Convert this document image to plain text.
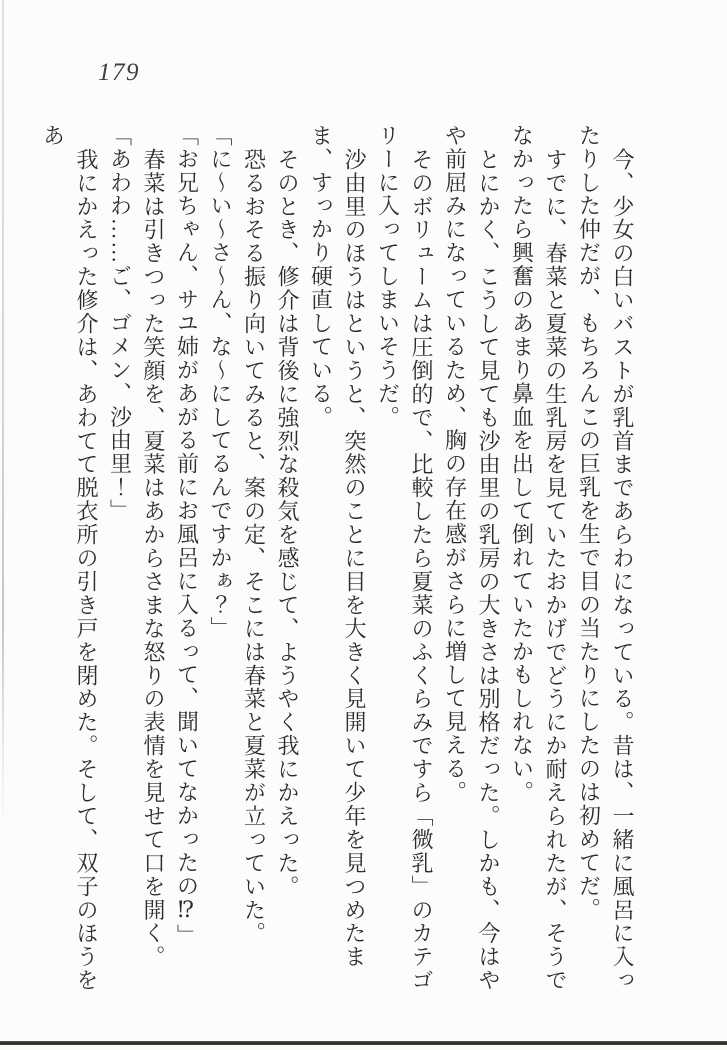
179

今、少女の白いバストが乳首まであらわになっている。昔は、一緒に風呂に入ったりした仲だが、もちろんこの巨乳を生で目の当たりにしたのは初めてだ。

すでに、春菜と夏菜の生乳房を見ていたおかげでどうにか耐えられたが、そうでなかったら興奮のあまり鼻血を出して倒れていたかもしれない。

とにかく、こうして見ても沙由里の乳房の大きさは別格だった。しかも、今はやや前屈みになっているため、胸の存在感がさらに増して見える。

そのボリュームは圧倒的で、比較したら夏菜のふくらみですら「微乳」のカテゴリーに入ってしまいそうだ。

沙由里のほうはというと、突然のことに目を大きく見開いて少年を見つめたまま、すっかり硬直している。

そのとき、修介は背後に強烈な殺気を感じて、ようやく我にかえった。

恐るおそる振り向いてみると、案の定、そこには春菜と夏菜が立っていた。

「に〜い〜さ〜ん、な〜にしてるんですかぁ？」

「お兄ちゃん、サユ姉があがる前にお風呂に入るって、聞いてなかったの⁉」

春菜は引きつった笑顔を、夏菜はあからさまな怒りの表情を見せて口を開く。

「あわわ……ご、ゴメン、沙由里！」

我にかえった修介は、あわてて脱衣所の引き戸を閉めた。そして、双子のほうをあ
